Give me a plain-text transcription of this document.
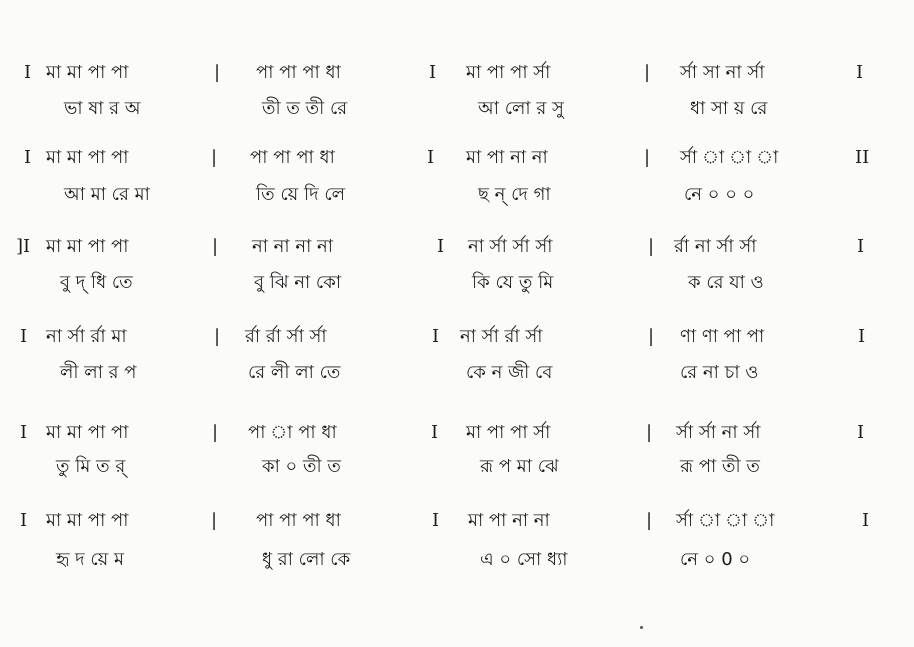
I মা মা পা পা	| পা পা পা ধা	I মা পা পা র্সা	| র্সা সা না র্সা	I
ভা ষা র অ	তী ত তী রে	আ লো র সু	ধা সা য় রে
I মা মা পা পা	| পা পা পা ধা	I মা পা না না	| র্সা া া া	II
আ মা রে মা	তি য়ে দি লে	ছ ন্ দে গা	নে ০ ০ ০
]I মা মা পা পা	| না না না না	I না র্সা র্সা র্সা	| র্রা না র্সা র্সা	I
বু দ্ ধি তে	বু ঝি না কো	কি যে তু মি	ক রে যা ও
I না র্সা র্রা মা	| র্রা র্রা র্সা র্সা	I না র্সা র্রা র্সা	| ণা ণা পা পা	I
লী লা র প	রে লী লা তে	কে ন জী বে	রে না চা ও
I মা মা পা পা	| পা া পা ধা	I মা পা পা র্সা	| র্সা র্সা না র্সা	I
তু মি ত র্	কা ০ তী ত	রূ প মা ঝে	রূ পা তী ত
I মা মা পা পা	| পা পা পা ধা	I মা পা না না	| র্সা া া া	I
হৃ দ য়ে ম	ধু রা লো কে	এ ০ সো ধ্যা	নে ০ 0 ০
